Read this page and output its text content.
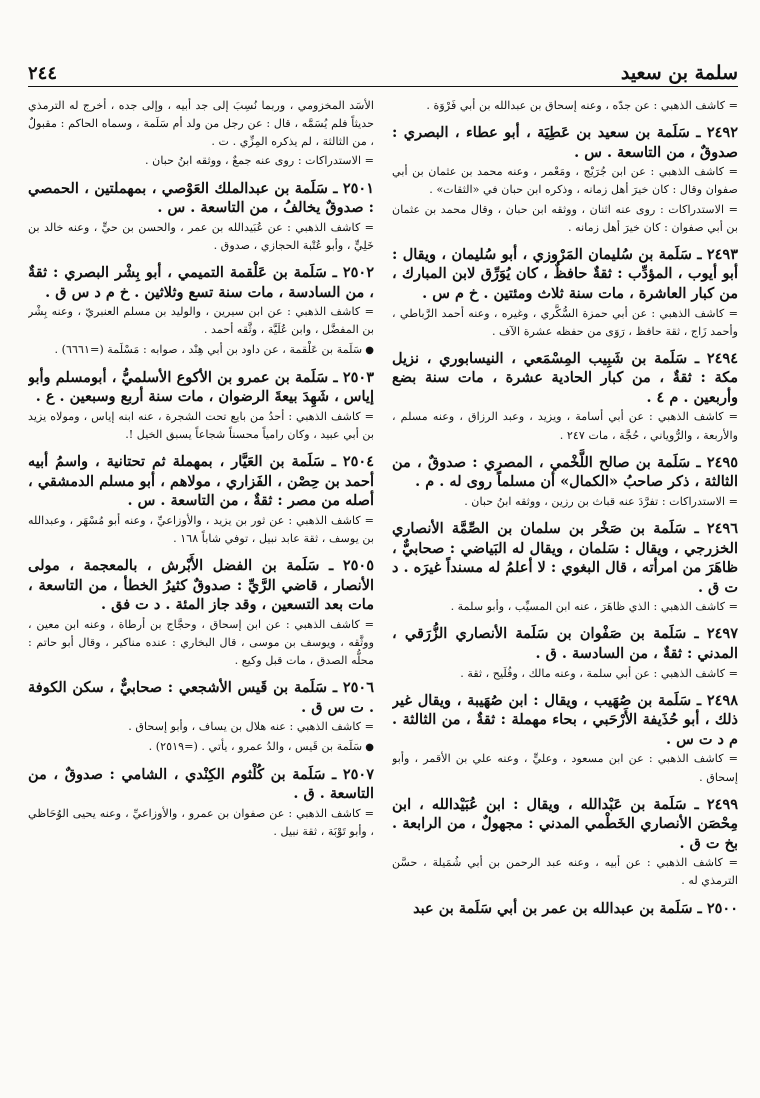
سلمة بن سعيد
٢٤٤
= كاشف الذهبي : عن جدّه ، وعنه إسحاق بن عبدالله بن أبي فَرْوَة .
٢٤٩٢ ـ سَلَمة بن سعيد بن عَطِيَة ، أبو عطاء ، البصري : صدوقٌ ، من التاسعة . س .
= كاشف الذهبي : عن ابن جُرَيْج ، ومَعْمر ، وعنه محمد بن عثمان بن أبي صفوان وقال : كان خيرَ أهل زمانه ، وذكره ابن حبان في «الثقات» .
= الاستدراكات : روى عنه اثنان ، ووثقه ابن حبان ، وقال محمد بن عثمان بن أبي صفوان : كان خيرَ أهل زمانه .
٢٤٩٣ ـ سَلَمة بن سُليمان المَرْوزي ، أبو سُليمان ، ويقال : أبو أيوب ، المؤدِّب : ثقةٌ حافظٌ ، كان يُوَرِّق لابن المبارك ، من كبار العاشرة ، مات سنة ثلاث ومئتين . خ م س .
= كاشف الذهبي : عن أبي حمزة السُّكَّري ، وغيره ، وعنه أحمد الرَّباطي ، وأحمد زَاج ، ثقة حافظ ، رَوَى من حفظه عشرة الآف .
٢٤٩٤ ـ سَلَمة بن شَبِيب المِسْمَعي ، النيسابوري ، نزيل مكة : ثقةٌ ، من كبار الحادية عشرة ، مات سنة بضع وأربعين . م ٤ .
= كاشف الذهبي : عن أبي أسامة ، ويزيد ، وعبد الرزاق ، وعنه مسلم ، والأربعة ، والرُّوياني ، حُجَّة ، مات ٢٤٧ .
٢٤٩٥ ـ سَلَمة بن صالح اللَّخْمي ، المصري : صدوقٌ ، من الثالثة ، ذكر صاحبُ «الكمال» أن مسلماً روى له . م .
= الاستدراكات : تفرَّدَ عنه قباث بن رزين ، ووثقه ابنُ حبان .
٢٤٩٦ ـ سَلَمة بن صَخْر بن سلمان بن الصِّمَّة الأنصاري الخزرجي ، ويقال : سَلمان ، ويقال له البَياضي : صحابيٌّ ، ظاهَرَ من امرأته ، قال البغوي : لا أعلمُ له مسنداً غيرَه . د ت ق .
= كاشف الذهبي : الذي ظاهَرَ ، عنه ابن المسيِّب ، وأبو سلمة .
٢٤٩٧ ـ سَلَمة بن صَفْوان بن سَلَمة الأنصاري الزُّرَقي ، المدني : ثقةٌ ، من السادسة . ق .
= كاشف الذهبي : عن أبي سلمة ، وعنه مالك ، وفُلَيح ، ثقة .
٢٤٩٨ ـ سَلَمة بن صُهَيب ، ويقال : ابن صُهَيبة ، ويقال غير ذلك ، أبو حُذَيفة الأَرْحَبي ، بحاء مهملة : ثقةٌ ، من الثالثة . م د ت س .
= كاشف الذهبي : عن ابن مسعود ، وعليٍّ ، وعنه علي بن الأقمر ، وأبو إسحاق .
٢٤٩٩ ـ سَلَمة بن عَبْدالله ، ويقال : ابن عُبَيْدالله ، ابن مِحْصَن الأنصاري الخَطْمي المدني : مجهولٌ ، من الرابعة . بخ ت ق .
= كاشف الذهبي : عن أبيه ، وعنه عبد الرحمن بن أبي شُمَيلة ، حسَّن الترمذي له .
٢٥٠٠ ـ سَلَمة بن عبدالله بن عمر بن أبي سَلَمة بن عبد
الأسَد المخزومي ، وربما نُسِبَ إلى جد أبيه ، وإلى جده ، أخرج له الترمذي حديثاً فلم يُسَمَّه ، قال : عن رجل من ولد أم سَلَمة ، وسماه الحاكم : مقبولٌ ، من الثالثة ، لم يذكره المِزِّي . ت .
= الاستدراكات : روى عنه جمعٌ ، ووثقه ابنُ حبان .
٢٥٠١ ـ سَلَمة بن عبدالملك العَوْصي ، بمهملتين ، الحمصي : صدوقٌ يخالفُ ، من التاسعة . س .
= كاشف الذهبي : عن عُبَيدالله بن عمر ، والحسن بن حيٍّ ، وعنه خالد بن خَلِيٍّ ، وأبو عُتْبة الحجازي ، صدوق .
٢٥٠٢ ـ سَلَمة بن عَلْقمة التميمي ، أبو بِشْر البصري : ثقةٌ ، من السادسة ، مات سنة تسع وثلاثين . خ م د س ق .
= كاشف الذهبي : عن ابن سيرين ، والوليد بن مسلم العنبريّ ، وعنه بِشْر بن المفضَّل ، وابن عُلَيَّة ، وثَّقه أحمد .
●سَلَمة بن عَلْقمة ، عن داود بن أبي هِنْد ، صوابه : مَسْلَمة (=٦٦٦١) .
٢٥٠٣ ـ سَلَمة بن عمرو بن الأكوع الأسلميُّ ، أبومسلم وأبو إياس ، شَهِدَ بيعةَ الرضوان ، مات سنة أربع وسبعين . ع .
= كاشف الذهبي : أحدُ من بايع تحت الشجرة ، عنه ابنه إياس ، ومولاه يزيد بن أبي عبيد ، وكان رامياً محسناً شجاعاً يسبق الخيل !.
٢٥٠٤ ـ سَلَمة بن العَيَّار ، بمهملة ثم تحتانية ، واسمُ أبيه أحمد بن حِصْن ، الفَزاري ، مولاهم ، أبو مسلم الدمشقي ، أصله من مصر : ثقةٌ ، من التاسعة . س .
= كاشف الذهبي : عن ثور بن يزيد ، والأوزاعيِّ ، وعنه أبو مُسْهَر ، وعبدالله بن يوسف ، ثقة عابد نبيل ، توفي شاباً ١٦٨ .
٢٥٠٥ ـ سَلَمة بن الفضل الأَبْرش ، بالمعجمة ، مولى الأنصار ، قاضي الرَّيِّ : صدوقٌ كثيرُ الخطأ ، من التاسعة ، مات بعد التسعين ، وقد جاز المئة . د ت فق .
= كاشف الذهبي : عن ابن إسحاق ، وحجَّاج بن أرطاة ، وعنه ابن معين ، ووثَّقه ، ويوسف بن موسى ، قال البخاري : عنده مناكير ، وقال أبو حاتم : محلُّه الصدق ، مات قبل وكيع .
٢٥٠٦ ـ سَلَمة بن قَيس الأشجعي : صحابيٌّ ، سكن الكوفة . ت س ق .
= كاشف الذهبي : عنه هلال بن يساف ، وأبو إسحاق .
●سَلَمة بن قَيس ، والدُ عمرو ، يأتي . (=٢٥١٩) .
٢٥٠٧ ـ سَلَمة بن كُلْثوم الكِنْدي ، الشامي : صدوقٌ ، من التاسعة . ق .
= كاشف الذهبي : عن صفوان بن عمرو ، والأوزاعيِّ ، وعنه يحيى الوُحَاظي ، وأبو تَوْبَة ، ثقة نبيل .
